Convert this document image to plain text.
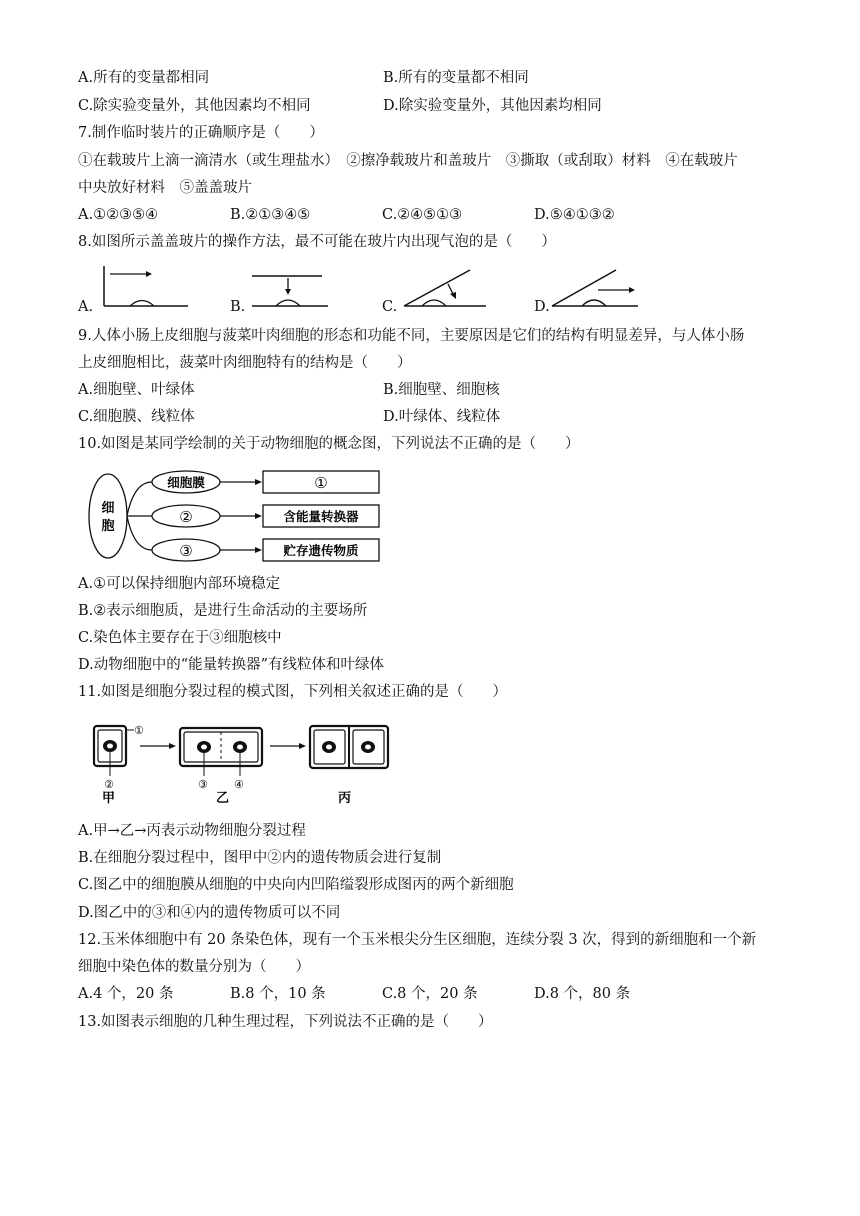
A.所有的变量都相同	B.所有的变量都不相同
C.除实验变量外，其他因素均不相同	D.除实验变量外，其他因素均相同
7.制作临时装片的正确顺序是（　　）
①在载玻片上滴一滴清水（或生理盐水）　②擦净载玻片和盖玻片　③撕取（或刮取）材料　④在载玻片
中央放好材料　⑤盖盖玻片
A.①②③⑤④	B.②①③④⑤	C.②④⑤①③	D.⑤④①③②
8.如图所示盖盖玻片的操作方法，最不可能在玻片内出现气泡的是（　　）
A.	B.	C.	D.
9.人体小肠上皮细胞与菠菜叶肉细胞的形态和功能不同，主要原因是它们的结构有明显差异，与人体小肠
上皮细胞相比，菠菜叶肉细胞特有的结构是（　　）
A.细胞壁、叶绿体	B.细胞壁、细胞核
C.细胞膜、线粒体	D.叶绿体、线粒体
10.如图是某同学绘制的关于动物细胞的概念图，下列说法不正确的是（　　）
细
胞
细胞膜
②
③
①
含能量转换器
贮存遗传物质
A.①可以保持细胞内部环境稳定
B.②表示细胞质，是进行生命活动的主要场所
C.染色体主要存在于③细胞核中
D.动物细胞中的“能量转换器”有线粒体和叶绿体
11.如图是细胞分裂过程的模式图，下列相关叙述正确的是（　　）
①
②
甲
③ ④
乙	丙
A.甲→乙→丙表示动物细胞分裂过程
B.在细胞分裂过程中，图甲中②内的遗传物质会进行复制
C.图乙中的细胞膜从细胞的中央向内凹陷缢裂形成图丙的两个新细胞
D.图乙中的③和④内的遗传物质可以不同
12.玉米体细胞中有 20 条染色体，现有一个玉米根尖分生区细胞，连续分裂 3 次，得到的新细胞和一个新
细胞中染色体的数量分别为（　　）
A.4 个，20 条	B.8 个，10 条	C.8 个，20 条	D.8 个，80 条
13.如图表示细胞的几种生理过程，下列说法不正确的是（　　）
